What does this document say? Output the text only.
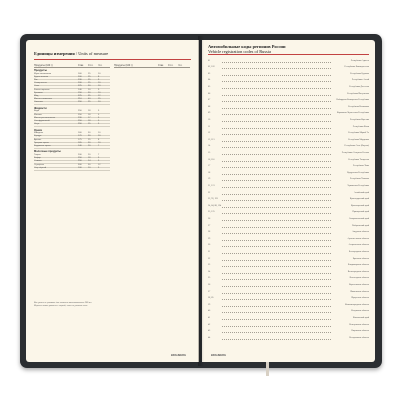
Единицы измерения / Units of measure
Продукты (100 г)	Стак. Ст.л. Ч.л.	Продукты (100 г)	Стак. Ст.л. Ч.л.
Продукты
Мука пшеничная	160	25	10
Крупа манная	200	25	8
Рис	230	25	9
Сахар-песок	200	25	10
Соль	325	30	10
Какао-порошок	140	20	9
Крахмал	150	30	10
Мёд	325	35	12
Масло сливочное	210	40	15
Сметана	250	25	10
Жидкости
Вода	250	18	5
Молоко	250	18	5
Масло растительное	230	17	5
Сок фруктовый	250	18	5
Уксус	250	15	5
Орехи
Миндаль	160	30	10
Фундук	170	30	10
Арахис	175	25	8
Грецкие орехи	165	30	10
Кедровые орехи	140	20	7
Молочные продукты
Творог	200	20	7
Кефир	250	18	5
Сливки	250	14	5
Сгущёнка	300	30	12
Сыр тёртый	100	10	5
Вес указан в граммах для стакана вместимостью 250 мл
Мерные ложки указаны с горкой, если не указано иное
BRAUBERG
Автомобильные коды регионов России
Vehicle registration codes of Russia
01	Республика Адыгея
02, 102	Республика Башкортостан
03	Республика Бурятия
04	Республика Алтай
05	Республика Дагестан
06	Республика Ингушетия
07	Кабардино-Балкарская Республика
08	Республика Калмыкия
09	Карачаево-Черкесская Республика
10	Республика Карелия
11	Республика Коми
12	Республика Марий Эл
13, 113	Республика Мордовия
14	Республика Саха (Якутия)
15	Республика Северная Осетия
16, 116	Республика Татарстан
17	Республика Тыва
18	Удмуртская Республика
19	Республика Хакасия
21, 121	Чувашская Республика
22	Алтайский край
23, 93, 123	Краснодарский край
24, 84, 88, 124	Красноярский край
25, 125	Приморский край
26	Ставропольский край
27	Хабаровский край
28	Амурская область
29	Архангельская область
30	Астраханская область
31	Белгородская область
32	Брянская область
33	Владимирская область
34	Волгоградская область
35	Вологодская область
36	Воронежская область
37	Ивановская область
38, 85	Иркутская область
39	Калининградская область
40	Калужская область
41	Камчатский край
42	Кемеровская область
43	Кировская область
44	Костромская область
BRAUBERG
